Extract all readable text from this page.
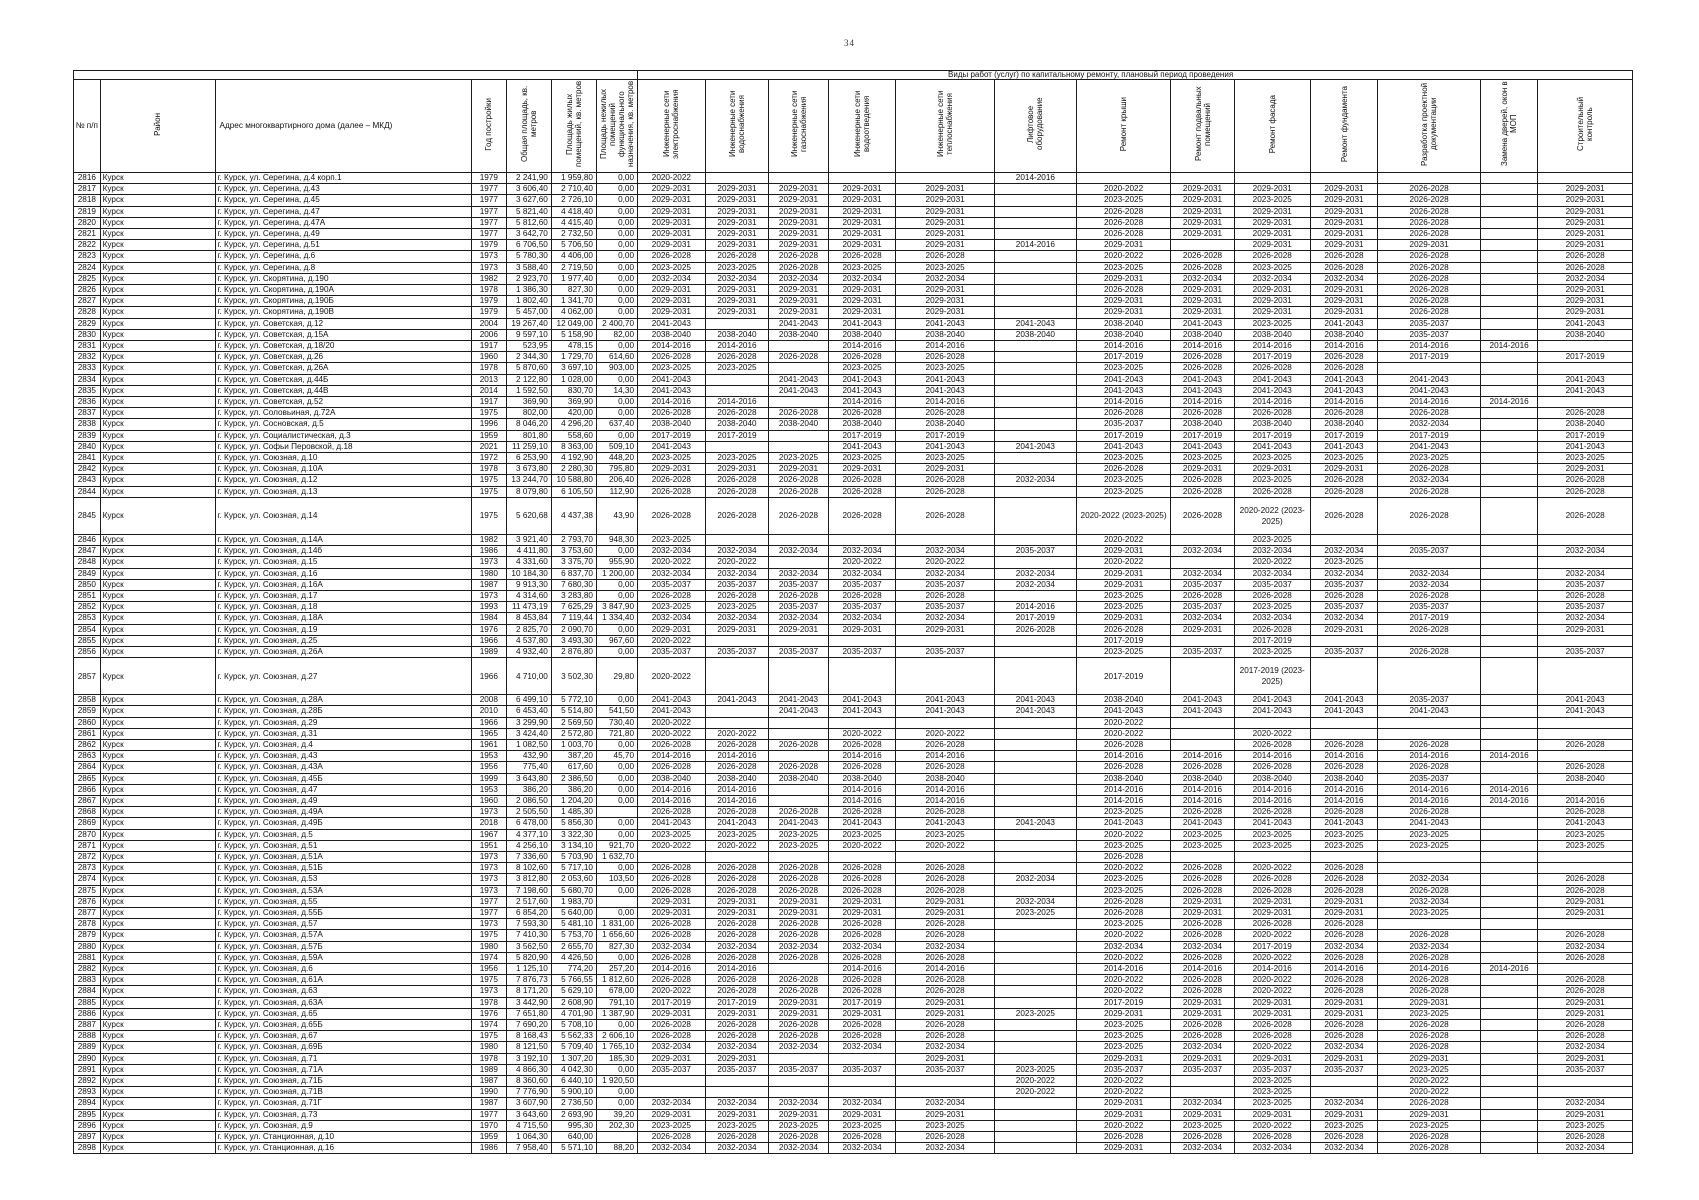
34
							Виды работ (услуг) по капитальному ремонту, плановый период проведения												
№ п/п	Район	Адрес многоквартирного дома (далее – МКД)	Год постройки	Общая площадь, кв. метров	Площадь жилых помещений, кв. метров	Площадь нежилых помещений функционального назначения, кв. метров	Инженерные сети электроснабжения	Инженерные сети водоснабжения	Инженерные сети газоснабжения	Инженерные сети водоотведения	Инженерные сети теплоснабжения	Лифтовое оборудование	Ремонт крыши	Ремонт подвальных помещений	Ремонт фасада	Ремонт фундамента	Разработка проектной документации	Замена дверей, окон в МОП	Строительный контроль
2816	Курск	г. Курск, ул. Серегина, д.4 корп.1	1979	2 241,90	1 959,80	0,00	2020-2022					2014-2016							
2817	Курск	г. Курск, ул. Серегина, д.43	1977	3 606,40	2 710,40	0,00	2029-2031	2029-2031	2029-2031	2029-2031	2029-2031		2020-2022	2029-2031	2029-2031	2029-2031	2026-2028		2029-2031
2818	Курск	г. Курск, ул. Серегина, д.45	1977	3 627,60	2 726,10	0,00	2029-2031	2029-2031	2029-2031	2029-2031	2029-2031		2023-2025	2029-2031	2023-2025	2029-2031	2026-2028		2029-2031
2819	Курск	г. Курск, ул. Серегина, д.47	1977	5 821,40	4 418,40	0,00	2029-2031	2029-2031	2029-2031	2029-2031	2029-2031		2026-2028	2029-2031	2029-2031	2029-2031	2026-2028		2029-2031
2820	Курск	г. Курск, ул. Серегина, д.47А	1977	5 812,60	4 415,40	0,00	2029-2031	2029-2031	2029-2031	2029-2031	2029-2031		2026-2028	2029-2031	2029-2031	2029-2031	2026-2028		2029-2031
2821	Курск	г. Курск, ул. Серегина, д.49	1977	3 642,70	2 732,50	0,00	2029-2031	2029-2031	2029-2031	2029-2031	2029-2031		2026-2028	2029-2031	2029-2031	2029-2031	2026-2028		2029-2031
2822	Курск	г. Курск, ул. Серегина, д.51	1979	6 706,50	5 706,50	0,00	2029-2031	2029-2031	2029-2031	2029-2031	2029-2031	2014-2016	2029-2031		2029-2031	2029-2031	2029-2031		2029-2031
2823	Курск	г. Курск, ул. Серегина, д.6	1973	5 780,30	4 406,00	0,00	2026-2028	2026-2028	2026-2028	2026-2028	2026-2028		2020-2022	2026-2028	2026-2028	2026-2028	2026-2028		2026-2028
2824	Курск	г. Курск, ул. Серегина, д.8	1973	3 588,40	2 719,50	0,00	2023-2025	2023-2025	2026-2028	2023-2025	2023-2025		2023-2025	2026-2028	2023-2025	2026-2028	2026-2028		2026-2028
2825	Курск	г. Курск, ул. Скорятина, д.190	1982	2 923,70	1 977,40	0,00	2032-2034	2032-2034	2032-2034	2032-2034	2032-2034		2029-2031	2032-2034	2032-2034	2032-2034	2026-2028		2032-2034
2826	Курск	г. Курск, ул. Скорятина, д.190А	1978	1 386,30	827,30	0,00	2029-2031	2029-2031	2029-2031	2029-2031	2029-2031		2026-2028	2029-2031	2029-2031	2029-2031	2026-2028		2029-2031
2827	Курск	г. Курск, ул. Скорятина, д.190Б	1979	1 802,40	1 341,70	0,00	2029-2031	2029-2031	2029-2031	2029-2031	2029-2031		2029-2031	2029-2031	2029-2031	2029-2031	2026-2028		2029-2031
2828	Курск	г. Курск, ул. Скорятина, д.190В	1979	5 457,00	4 062,00	0,00	2029-2031	2029-2031	2029-2031	2029-2031	2029-2031		2029-2031	2029-2031	2029-2031	2029-2031	2026-2028		2029-2031
2829	Курск	г. Курск, ул. Советская, д.12	2004	19 267,40	12 049,00	2 400,70	2041-2043		2041-2043	2041-2043	2041-2043	2041-2043	2038-2040	2041-2043	2023-2025	2041-2043	2035-2037		2041-2043
2830	Курск	г. Курск, ул. Советская, д.15А	2006	9 597,10	5 158,90	82,00	2038-2040	2038-2040	2038-2040	2038-2040	2038-2040	2038-2040	2038-2040	2038-2040	2038-2040	2038-2040	2035-2037		2038-2040
2831	Курск	г. Курск, ул. Советская, д.18/20	1917	523,95	478,15	0,00	2014-2016	2014-2016		2014-2016	2014-2016		2014-2016	2014-2016	2014-2016	2014-2016	2014-2016	2014-2016	
2832	Курск	г. Курск, ул. Советская, д.26	1960	2 344,30	1 729,70	614,60	2026-2028	2026-2028	2026-2028	2026-2028	2026-2028		2017-2019	2026-2028	2017-2019	2026-2028	2017-2019		2017-2019
2833	Курск	г. Курск, ул. Советская, д.26А	1978	5 870,60	3 697,10	903,00	2023-2025	2023-2025		2023-2025	2023-2025		2023-2025	2026-2028	2026-2028	2026-2028			
2834	Курск	г. Курск, ул. Советская, д.44Б	2013	2 122,80	1 028,00	0,00	2041-2043		2041-2043	2041-2043	2041-2043		2041-2043	2041-2043	2041-2043	2041-2043	2041-2043		2041-2043
2835	Курск	г. Курск, ул. Советская, д.44В	2014	1 592,50	830,70	14,30	2041-2043		2041-2043	2041-2043	2041-2043		2041-2043	2041-2043	2041-2043	2041-2043	2041-2043		2041-2043
2836	Курск	г. Курск, ул. Советская, д.52	1917	369,90	369,90	0,00	2014-2016	2014-2016		2014-2016	2014-2016		2014-2016	2014-2016	2014-2016	2014-2016	2014-2016	2014-2016	
2837	Курск	г. Курск, ул. Соловьиная, д.72А	1975	802,00	420,00	0,00	2026-2028	2026-2028	2026-2028	2026-2028	2026-2028		2026-2028	2026-2028	2026-2028	2026-2028	2026-2028		2026-2028
2838	Курск	г. Курск, ул. Сосновская, д.5	1996	8 046,20	4 296,20	637,40	2038-2040	2038-2040	2038-2040	2038-2040	2038-2040		2035-2037	2038-2040	2038-2040	2038-2040	2032-2034		2038-2040
2839	Курск	г. Курск, ул. Социалистическая, д.3	1959	801,80	558,60	0,00	2017-2019	2017-2019		2017-2019	2017-2019		2017-2019	2017-2019	2017-2019	2017-2019	2017-2019		2017-2019
2840	Курск	г. Курск, ул. Софьи Перовской, д.18	2021	11 259,10	8 363,00	509,10	2041-2043			2041-2043	2041-2043	2041-2043	2041-2043	2041-2043	2041-2043	2041-2043	2041-2043		2041-2043
2841	Курск	г. Курск, ул. Союзная, д.10	1972	6 253,90	4 192,90	448,20	2023-2025	2023-2025	2023-2025	2023-2025	2023-2025		2023-2025	2023-2025	2023-2025	2023-2025	2023-2025		2023-2025
2842	Курск	г. Курск, ул. Союзная, д.10А	1978	3 673,80	2 280,30	795,80	2029-2031	2029-2031	2029-2031	2029-2031	2029-2031		2026-2028	2029-2031	2029-2031	2029-2031	2026-2028		2029-2031
2843	Курск	г. Курск, ул. Союзная, д.12	1975	13 244,70	10 588,80	206,40	2026-2028	2026-2028	2026-2028	2026-2028	2026-2028	2032-2034	2023-2025	2026-2028	2023-2025	2026-2028	2032-2034		2026-2028
2844	Курск	г. Курск, ул. Союзная, д.13	1975	8 079,80	6 105,50	112,90	2026-2028	2026-2028	2026-2028	2026-2028	2026-2028		2023-2025	2026-2028	2026-2028	2026-2028	2026-2028		2026-2028
2845	Курск	г. Курск, ул. Союзная, д.14	1975	5 620,68	4 437,38	43,90	2026-2028	2026-2028	2026-2028	2026-2028	2026-2028		2020-2022 (2023-2025)	2026-2028	2020-2022 (2023-2025)	2026-2028	2026-2028		2026-2028
2846	Курск	г. Курск, ул. Союзная, д.14А	1982	3 921,40	2 793,70	948,30	2023-2025						2020-2022		2023-2025				
2847	Курск	г. Курск, ул. Союзная, д.14б	1986	4 411,80	3 753,60	0,00	2032-2034	2032-2034	2032-2034	2032-2034	2032-2034	2035-2037	2029-2031	2032-2034	2032-2034	2032-2034	2035-2037		2032-2034
2848	Курск	г. Курск, ул. Союзная, д.15	1973	4 331,60	3 375,70	955,90	2020-2022	2020-2022		2020-2022	2020-2022		2020-2022		2020-2022	2023-2025			
2849	Курск	г. Курск, ул. Союзная, д.16	1980	10 184,30	6 837,70	1 200,00	2032-2034	2032-2034	2032-2034	2032-2034	2032-2034	2032-2034	2029-2031	2032-2034	2032-2034	2032-2034	2032-2034		2032-2034
2850	Курск	г. Курск, ул. Союзная, д.16А	1987	9 913,30	7 680,30	0,00	2035-2037	2035-2037	2035-2037	2035-2037	2035-2037	2032-2034	2029-2031	2035-2037	2035-2037	2035-2037	2032-2034		2035-2037
2851	Курск	г. Курск, ул. Союзная, д.17	1973	4 314,60	3 283,80	0,00	2026-2028	2026-2028	2026-2028	2026-2028	2026-2028		2023-2025	2026-2028	2026-2028	2026-2028	2026-2028		2026-2028
2852	Курск	г. Курск, ул. Союзная, д.18	1993	11 473,19	7 625,29	3 847,90	2023-2025	2023-2025	2035-2037	2035-2037	2035-2037	2014-2016	2023-2025	2035-2037	2023-2025	2035-2037	2035-2037		2035-2037
2853	Курск	г. Курск, ул. Союзная, д.18А	1984	8 453,84	7 119,44	1 334,40	2032-2034	2032-2034	2032-2034	2032-2034	2032-2034	2017-2019	2029-2031	2032-2034	2032-2034	2032-2034	2017-2019		2032-2034
2854	Курск	г. Курск, ул. Союзная, д.19	1976	2 825,70	2 090,70	0,00	2029-2031	2029-2031	2029-2031	2029-2031	2029-2031	2026-2028	2026-2028	2029-2031	2026-2028	2029-2031	2026-2028		2029-2031
2855	Курск	г. Курск, ул. Союзная, д.25	1966	4 537,80	3 493,30	967,60	2020-2022						2017-2019		2017-2019				
2856	Курск	г. Курск, ул. Союзная, д.26А	1989	4 932,40	2 876,80	0,00	2035-2037	2035-2037	2035-2037	2035-2037	2035-2037		2023-2025	2035-2037	2023-2025	2035-2037	2026-2028		2035-2037
2857	Курск	г. Курск, ул. Союзная, д.27	1966	4 710,00	3 502,30	29,80	2020-2022						2017-2019		2017-2019 (2023-2025)				
2858	Курск	г. Курск, ул. Союзная, д.28А	2008	6 499,10	5 772,10	0,00	2041-2043	2041-2043	2041-2043	2041-2043	2041-2043	2041-2043	2038-2040	2041-2043	2041-2043	2041-2043	2035-2037		2041-2043
2859	Курск	г. Курск, ул. Союзная, д.28Б	2010	6 453,40	5 514,80	541,50	2041-2043		2041-2043	2041-2043	2041-2043	2041-2043	2041-2043	2041-2043	2041-2043	2041-2043	2041-2043		2041-2043
2860	Курск	г. Курск, ул. Союзная, д.29	1966	3 299,90	2 569,50	730,40	2020-2022						2020-2022						
2861	Курск	г. Курск, ул. Союзная, д.31	1965	3 424,40	2 572,80	721,80	2020-2022	2020-2022		2020-2022	2020-2022		2020-2022		2020-2022				
2862	Курск	г. Курск, ул. Союзная, д.4	1961	1 082,50	1 003,70	0,00	2026-2028	2026-2028	2026-2028	2026-2028	2026-2028		2026-2028		2026-2028	2026-2028	2026-2028		2026-2028
2863	Курск	г. Курск, ул. Союзная, д.43	1953	432,90	387,20	45,70	2014-2016	2014-2016		2014-2016	2014-2016		2014-2016	2014-2016	2014-2016	2014-2016	2014-2016	2014-2016	
2864	Курск	г. Курск, ул. Союзная, д.43А	1956	775,40	617,60	0,00	2026-2028	2026-2028	2026-2028	2026-2028	2026-2028		2026-2028	2026-2028	2026-2028	2026-2028	2026-2028		2026-2028
2865	Курск	г. Курск, ул. Союзная, д.45Б	1999	3 643,80	2 386,50	0,00	2038-2040	2038-2040	2038-2040	2038-2040	2038-2040		2038-2040	2038-2040	2038-2040	2038-2040	2035-2037		2038-2040
2866	Курск	г. Курск, ул. Союзная, д.47	1953	386,20	386,20	0,00	2014-2016	2014-2016		2014-2016	2014-2016		2014-2016	2014-2016	2014-2016	2014-2016	2014-2016	2014-2016	
2867	Курск	г. Курск, ул. Союзная, д.49	1960	2 086,50	1 204,20	0,00	2014-2016	2014-2016		2014-2016	2014-2016		2014-2016	2014-2016	2014-2016	2014-2016	2014-2016	2014-2016	2014-2016
2868	Курск	г. Курск, ул. Союзная, д.49А	1973	2 505,50	1 485,30		2026-2028	2026-2028	2026-2028	2026-2028	2026-2028		2023-2025	2026-2028	2026-2028	2026-2028	2026-2028		2026-2028
2869	Курск	г. Курск, ул. Союзная, д.49Б	2018	6 478,00	5 856,30	0,00	2041-2043	2041-2043	2041-2043	2041-2043	2041-2043	2041-2043	2041-2043	2041-2043	2041-2043	2041-2043	2041-2043		2041-2043
2870	Курск	г. Курск, ул. Союзная, д.5	1967	4 377,10	3 322,30	0,00	2023-2025	2023-2025	2023-2025	2023-2025	2023-2025		2020-2022	2023-2025	2023-2025	2023-2025	2023-2025		2023-2025
2871	Курск	г. Курск, ул. Союзная, д.51	1951	4 256,10	3 134,10	921,70	2020-2022	2020-2022	2023-2025	2020-2022	2020-2022		2023-2025	2023-2025	2023-2025	2023-2025	2023-2025		2023-2025
2872	Курск	г. Курск, ул. Союзная, д.51А	1973	7 336,60	5 703,90	1 632,70							2026-2028						
2873	Курск	г. Курск, ул. Союзная, д.51Б	1973	8 102,60	5 717,10	0,00	2026-2028	2026-2028	2026-2028	2026-2028	2026-2028		2020-2022	2026-2028	2020-2022	2026-2028			
2874	Курск	г. Курск, ул. Союзная, д.53	1973	3 812,80	2 053,60	103,50	2026-2028	2026-2028	2026-2028	2026-2028	2026-2028	2032-2034	2023-2025	2026-2028	2026-2028	2026-2028	2032-2034		2026-2028
2875	Курск	г. Курск, ул. Союзная, д.53А	1973	7 198,60	5 680,70	0,00	2026-2028	2026-2028	2026-2028	2026-2028	2026-2028		2023-2025	2026-2028	2026-2028	2026-2028	2026-2028		2026-2028
2876	Курск	г. Курск, ул. Союзная, д.55	1977	2 517,60	1 983,70		2029-2031	2029-2031	2029-2031	2029-2031	2029-2031	2032-2034	2026-2028	2029-2031	2029-2031	2029-2031	2032-2034		2029-2031
2877	Курск	г. Курск, ул. Союзная, д.55Б	1977	6 854,20	5 640,00	0,00	2029-2031	2029-2031	2029-2031	2029-2031	2029-2031	2023-2025	2026-2028	2029-2031	2029-2031	2029-2031	2023-2025		2029-2031
2878	Курск	г. Курск, ул. Союзная, д.57	1973	7 593,30	5 481,10	1 831,00	2026-2028	2026-2028	2026-2028	2026-2028	2026-2028		2023-2025	2026-2028	2026-2028	2026-2028			
2879	Курск	г. Курск, ул. Союзная, д.57А	1975	7 410,30	5 753,70	1 656,60	2026-2028	2026-2028	2026-2028	2026-2028	2026-2028		2020-2022	2026-2028	2020-2022	2026-2028	2026-2028		2026-2028
2880	Курск	г. Курск, ул. Союзная, д.57Б	1980	3 562,50	2 655,70	827,30	2032-2034	2032-2034	2032-2034	2032-2034	2032-2034		2032-2034	2032-2034	2017-2019	2032-2034	2032-2034		2032-2034
2881	Курск	г. Курск, ул. Союзная, д.59А	1974	5 820,90	4 426,50	0,00	2026-2028	2026-2028	2026-2028	2026-2028	2026-2028		2020-2022	2026-2028	2020-2022	2026-2028	2026-2028		2026-2028
2882	Курск	г. Курск, ул. Союзная, д.6	1956	1 125,10	774,20	257,20	2014-2016	2014-2016		2014-2016	2014-2016		2014-2016	2014-2016	2014-2016	2014-2016	2014-2016	2014-2016	
2883	Курск	г. Курск, ул. Союзная, д.61А	1975	7 876,73	5 766,55	1 812,60	2026-2028	2026-2028	2026-2028	2026-2028	2026-2028		2020-2022	2026-2028	2020-2022	2026-2028	2026-2028		2026-2028
2884	Курск	г. Курск, ул. Союзная, д.63	1973	8 171,20	5 629,10	678,00	2020-2022	2026-2028	2026-2028	2026-2028	2026-2028		2020-2022	2026-2028	2020-2022	2026-2028	2026-2028		2026-2028
2885	Курск	г. Курск, ул. Союзная, д.63А	1978	3 442,90	2 608,90	791,10	2017-2019	2017-2019	2029-2031	2017-2019	2029-2031		2017-2019	2029-2031	2029-2031	2029-2031	2029-2031		2029-2031
2886	Курск	г. Курск, ул. Союзная, д.65	1976	7 651,80	4 701,90	1 387,90	2029-2031	2029-2031	2029-2031	2029-2031	2029-2031	2023-2025	2029-2031	2029-2031	2029-2031	2029-2031	2023-2025		2029-2031
2887	Курск	г. Курск, ул. Союзная, д.65Б	1974	7 690,20	5 708,10	0,00	2026-2028	2026-2028	2026-2028	2026-2028	2026-2028		2023-2025	2026-2028	2026-2028	2026-2028	2026-2028		2026-2028
2888	Курск	г. Курск, ул. Союзная, д.67	1975	8 168,43	5 562,33	2 606,10	2026-2028	2026-2028	2026-2028	2026-2028	2026-2028		2023-2025	2026-2028	2026-2028	2026-2028	2026-2028		2026-2028
2889	Курск	г. Курск, ул. Союзная, д.69Б	1980	8 121,50	5 709,40	1 765,10	2032-2034	2032-2034	2032-2034	2032-2034	2032-2034		2023-2025	2032-2034	2020-2022	2032-2034	2026-2028		2032-2034
2890	Курск	г. Курск, ул. Союзная, д.71	1978	3 192,10	1 307,20	185,30	2029-2031	2029-2031			2029-2031		2029-2031	2029-2031	2029-2031	2029-2031	2029-2031		2029-2031
2891	Курск	г. Курск, ул. Союзная, д.71А	1989	4 866,30	4 042,30	0,00	2035-2037	2035-2037	2035-2037	2035-2037	2035-2037	2023-2025	2035-2037	2035-2037	2035-2037	2035-2037	2023-2025		2035-2037
2892	Курск	г. Курск, ул. Союзная, д.71Б	1987	8 360,60	6 440,10	1 920,50						2020-2022	2020-2022		2023-2025		2020-2022		
2893	Курск	г. Курск, ул. Союзная, д.71В	1990	7 776,90	5 900,10	0,00						2020-2022	2020-2022		2023-2025		2020-2022		
2894	Курск	г. Курск, ул. Союзная, д.71Г	1987	3 607,90	2 736,50	0,00	2032-2034	2032-2034	2032-2034	2032-2034	2032-2034		2029-2031	2032-2034	2023-2025	2032-2034	2026-2028		2032-2034
2895	Курск	г. Курск, ул. Союзная, д.73	1977	3 643,60	2 693,90	39,20	2029-2031	2029-2031	2029-2031	2029-2031	2029-2031		2029-2031	2029-2031	2029-2031	2029-2031	2029-2031		2029-2031
2896	Курск	г. Курск, ул. Союзная, д.9	1970	4 715,50	995,30	202,30	2023-2025	2023-2025	2023-2025	2023-2025	2023-2025		2020-2022	2023-2025	2020-2022	2023-2025	2023-2025		2023-2025
2897	Курск	г. Курск, ул. Станционная, д.10	1959	1 064,30	640,00		2026-2028	2026-2028	2026-2028	2026-2028	2026-2028		2026-2028	2026-2028	2026-2028	2026-2028	2026-2028		2026-2028
2898	Курск	г. Курск, ул. Станционная, д.16	1986	7 958,40	5 571,10	88,20	2032-2034	2032-2034	2032-2034	2032-2034	2032-2034		2029-2031	2032-2034	2032-2034	2032-2034	2026-2028		2032-2034
